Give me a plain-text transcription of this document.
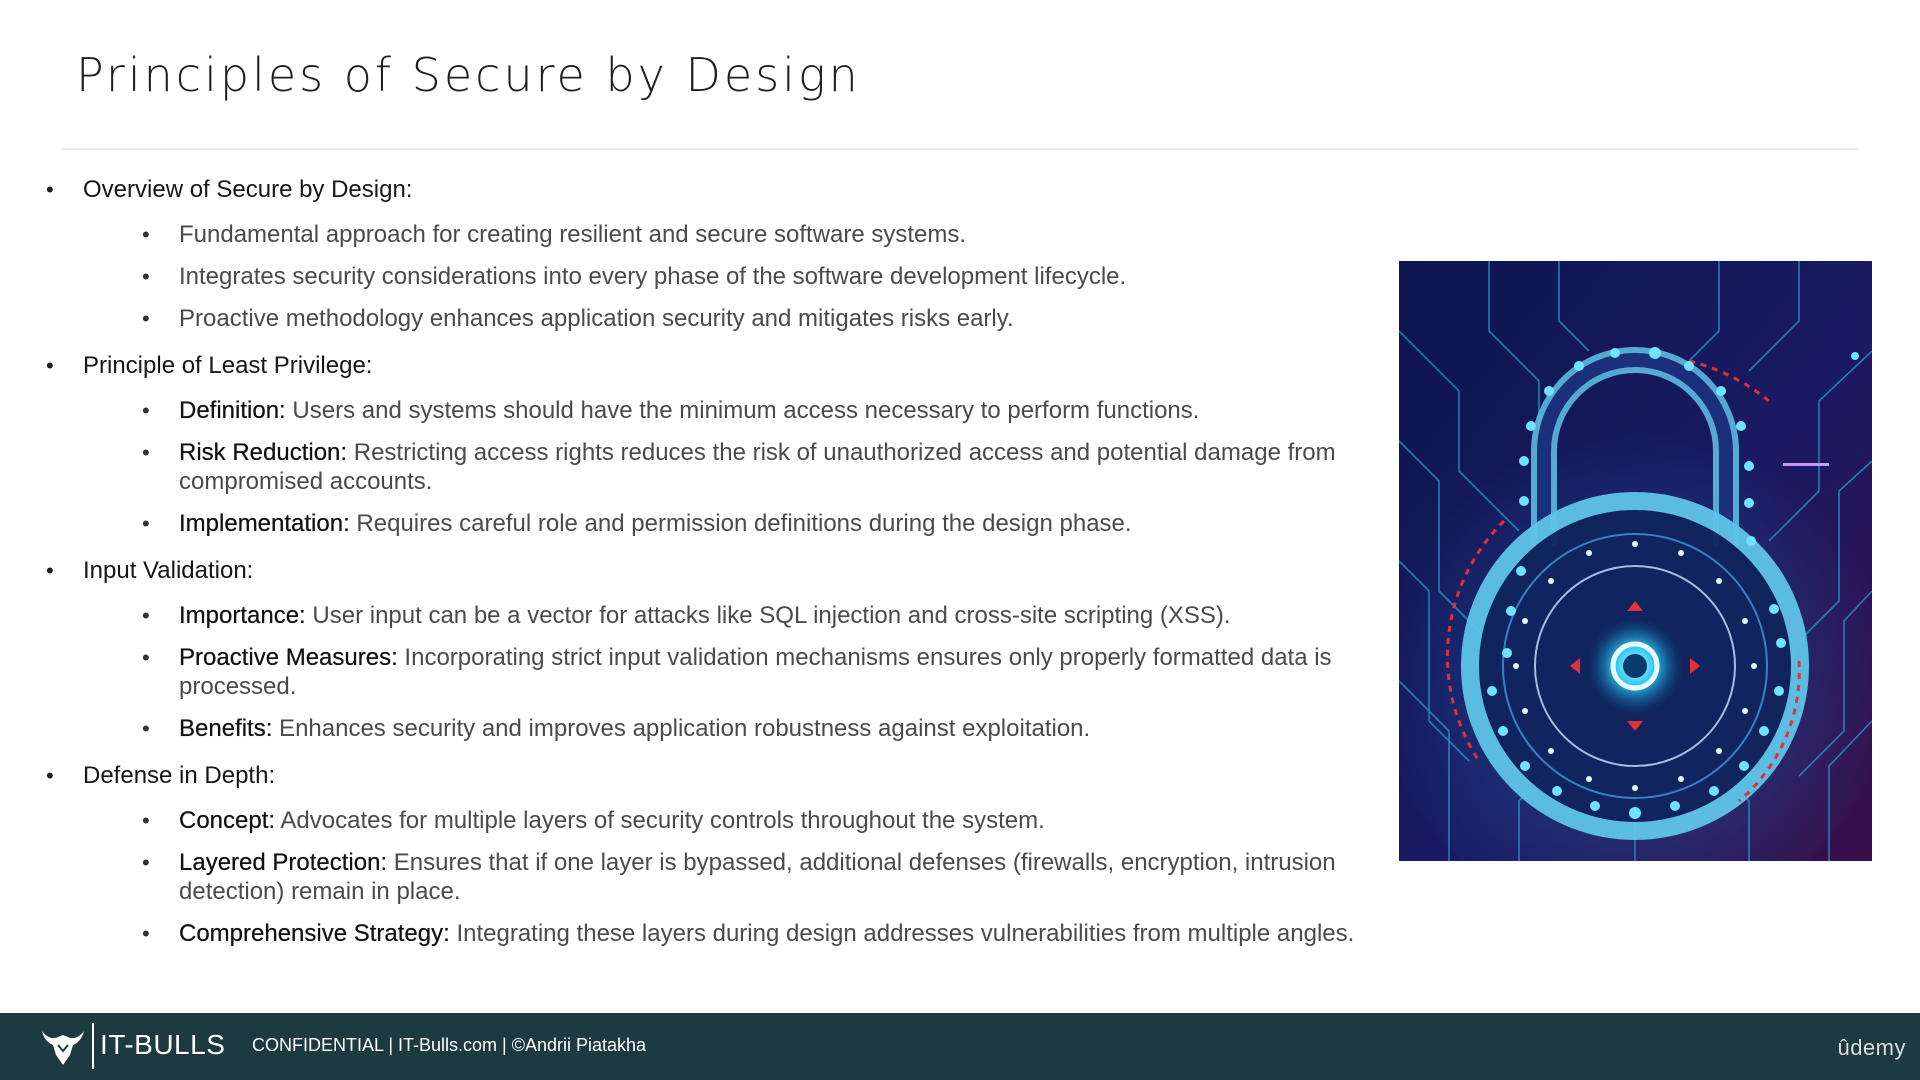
Principles of Secure by Design
• Overview of Secure by Design:
• Fundamental approach for creating resilient and secure software systems.
• Integrates security considerations into every phase of the software development lifecycle.
• Proactive methodology enhances application security and mitigates risks early.
• Principle of Least Privilege:
• Definition: Users and systems should have the minimum access necessary to perform functions.
• Risk Reduction: Restricting access rights reduces the risk of unauthorized access and potential damage from compromised accounts.
• Implementation: Requires careful role and permission definitions during the design phase.
• Input Validation:
• Importance: User input can be a vector for attacks like SQL injection and cross-site scripting (XSS).
• Proactive Measures: Incorporating strict input validation mechanisms ensures only properly formatted data is processed.
• Benefits: Enhances security and improves application robustness against exploitation.
• Defense in Depth:
• Concept: Advocates for multiple layers of security controls throughout the system.
• Layered Protection: Ensures that if one layer is bypassed, additional defenses (firewalls, encryption, intrusion detection) remain in place.
• Comprehensive Strategy: Integrating these layers during design addresses vulnerabilities from multiple angles.
IT-BULLS CONFIDENTIAL | IT-Bulls.com | ©Andrii Piatakha	ûdemy
